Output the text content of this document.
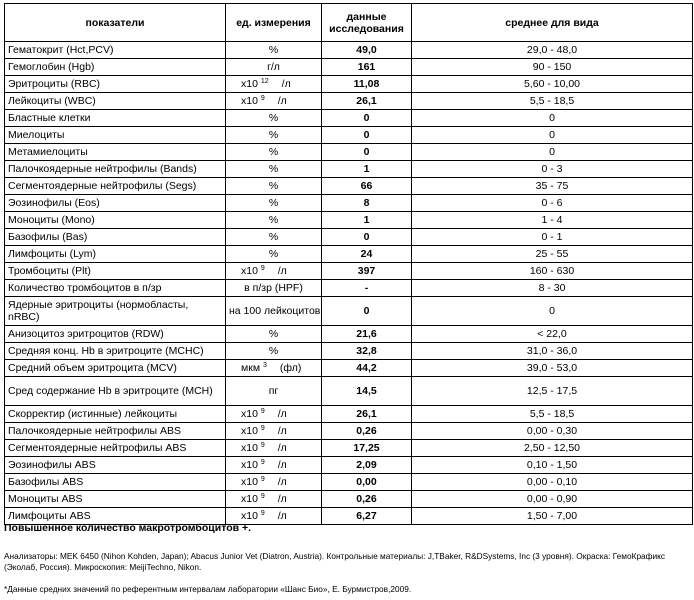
показатели	ед. измерения	данные исследования	среднее для вида
Гематокрит (Hct,PCV)	%	49,0	29,0 - 48,0
Гемоглобин (Hgb)	г/л	161	90 - 150
Эритроциты (RBC)	x10 $^{12}$ /л	11,08	5,60 - 10,00
Лейкоциты (WBC)	x10 $^9$ /л	26,1	5,5 - 18,5
Бластные клетки	%	0	0
Миелоциты	%	0	0
Метамиелоциты	%	0	0
Палочкоядерные нейтрофилы (Bands)	%	1	0 - 3
Сегментоядерные нейтрофилы (Segs)	%	66	35 - 75
Эозинофилы (Eos)	%	8	0 - 6
Моноциты (Mono)	%	1	1 - 4
Базофилы (Bas)	%	0	0 - 1
Лимфоциты (Lym)	%	24	25 - 55
Тромбоциты (Plt)	x10 $^9$ /л	397	160 - 630
Количество тромбоцитов в п/зр	в п/зр (HPF)	-	8 - 30
Ядерные эритроциты (нормобласты, nRBC)	на 100 лейкоцитов	0	0
Анизоцитоз эритроцитов (RDW)	%	21,6	< 22,0
Средняя конц. Hb в эритроците (MCHC)	%	32,8	31,0 - 36,0
Средний объем эритроцита (MCV)	мкм $^3$ (фл)	44,2	39,0 - 53,0
Сред содержание Hb в эритроците (MCH)	пг	14,5	12,5 - 17,5
Скорректир (истинные) лейкоциты	x10 $^9$ /л	26,1	5,5 - 18,5
Палочкоядерные нейтрофилы ABS	x10 $^9$ /л	0,26	0,00 - 0,30
Сегментоядерные нейтрофилы ABS	x10 $^9$ /л	17,25	2,50 - 12,50
Эозинофилы ABS	x10 $^9$ /л	2,09	0,10 - 1,50
Базофилы ABS	x10 $^9$ /л	0,00	0,00 - 0,10
Моноциты ABS	x10 $^9$ /л	0,26	0,00 - 0,90
Лимфоциты ABS	x10 $^9$ /л	6,27	1,50 - 7,00
Повышенное количество макротромбоцитов +.
Анализаторы: MEK 6450 (Nihon Kohden, Japan); Abacus Junior Vet (Diatron, Austria). Контрольные материалы: J,TBaker, R&DSystems, Inc (3 уровня). Окраска: ГемоКрафикс (Эколаб, Россия). Микроскопия: MeijiTechno, Nikon.
*Данные средних значений по референтным интервалам лаборатории «Шанс Био», Е. Бурмистров,2009.
